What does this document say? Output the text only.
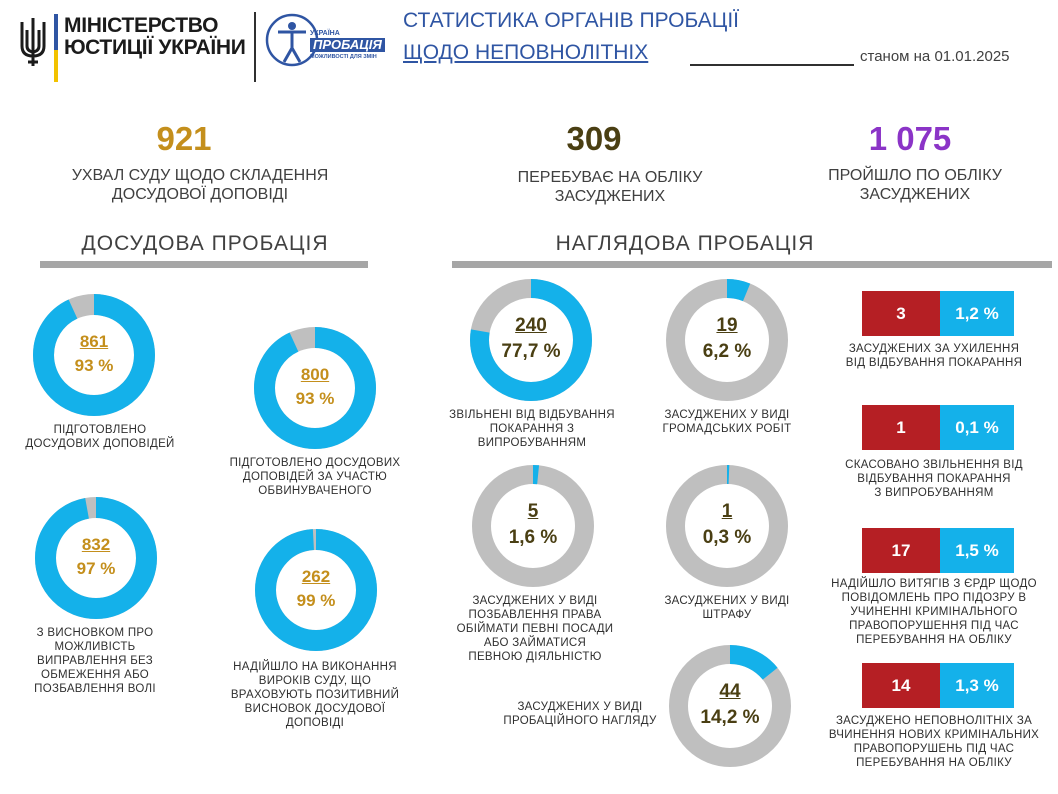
МІНІСТЕРСТВО
ЮСТИЦІЇ УКРАЇНИ
УКРАЇНА
ПРОБАЦІЯ
МОЖЛИВОСТІ ДЛЯ ЗМІН
СТАТИСТИКА ОРГАНІВ ПРОБАЦІЇ
ЩОДО НЕПОВНОЛІТНІХ	станом на 01.01.2025
921
УХВАЛ СУДУ ЩОДО СКЛАДЕННЯ
ДОСУДОВОЇ ДОПОВІДІ
309
ПЕРЕБУВАЄ НА ОБЛІКУ
ЗАСУДЖЕНИХ
1 075
ПРОЙШЛО ПО ОБЛІКУ
ЗАСУДЖЕНИХ
ДОСУДОВА ПРОБАЦІЯ	НАГЛЯДОВА ПРОБАЦІЯ
861
93 %
ПІДГОТОВЛЕНО
ДОСУДОВИХ ДОПОВІДЕЙ
800
93 %
ПІДГОТОВЛЕНО ДОСУДОВИХ
ДОПОВІДЕЙ ЗА УЧАСТЮ
ОБВИНУВАЧЕНОГО
832
97 %
З ВИСНОВКОМ ПРО
МОЖЛИВІСТЬ
ВИПРАВЛЕННЯ БЕЗ
ОБМЕЖЕННЯ АБО
ПОЗБАВЛЕННЯ ВОЛІ
262
99 %
НАДІЙШЛО НА ВИКОНАННЯ
ВИРОКІВ СУДУ, ЩО
ВРАХОВУЮТЬ ПОЗИТИВНИЙ
ВИСНОВОК ДОСУДОВОЇ
ДОПОВІДІ
240
77,7 %
ЗВІЛЬНЕНІ ВІД ВІДБУВАННЯ
ПОКАРАННЯ З
ВИПРОБУВАННЯМ
19
6,2 %
ЗАСУДЖЕНИХ У ВИДІ
ГРОМАДСЬКИХ РОБІТ
5
1,6 %
ЗАСУДЖЕНИХ У ВИДІ
ПОЗБАВЛЕННЯ ПРАВА
ОБІЙМАТИ ПЕВНІ ПОСАДИ
АБО ЗАЙМАТИСЯ
ПЕВНОЮ ДІЯЛЬНІСТЮ
1
0,3 %
ЗАСУДЖЕНИХ У ВИДІ
ШТРАФУ
44
14,2 %
ЗАСУДЖЕНИХ У ВИДІ
ПРОБАЦІЙНОГО НАГЛЯДУ
3	1,2 %
ЗАСУДЖЕНИХ ЗА УХИЛЕННЯ
ВІД ВІДБУВАННЯ ПОКАРАННЯ
1	0,1 %
СКАСОВАНО ЗВІЛЬНЕННЯ ВІД
ВІДБУВАННЯ ПОКАРАННЯ
З ВИПРОБУВАННЯМ
17	1,5 %
НАДІЙШЛО ВИТЯГІВ З ЄРДР ЩОДО
ПОВІДОМЛЕНЬ ПРО ПІДОЗРУ В
УЧИНЕННІ КРИМІНАЛЬНОГО
ПРАВОПОРУШЕННЯ ПІД ЧАС
ПЕРЕБУВАННЯ НА ОБЛІКУ
14	1,3 %
ЗАСУДЖЕНО НЕПОВНОЛІТНІХ ЗА
ВЧИНЕННЯ НОВИХ КРИМІНАЛЬНИХ
ПРАВОПОРУШЕНЬ ПІД ЧАС
ПЕРЕБУВАННЯ НА ОБЛІКУ
